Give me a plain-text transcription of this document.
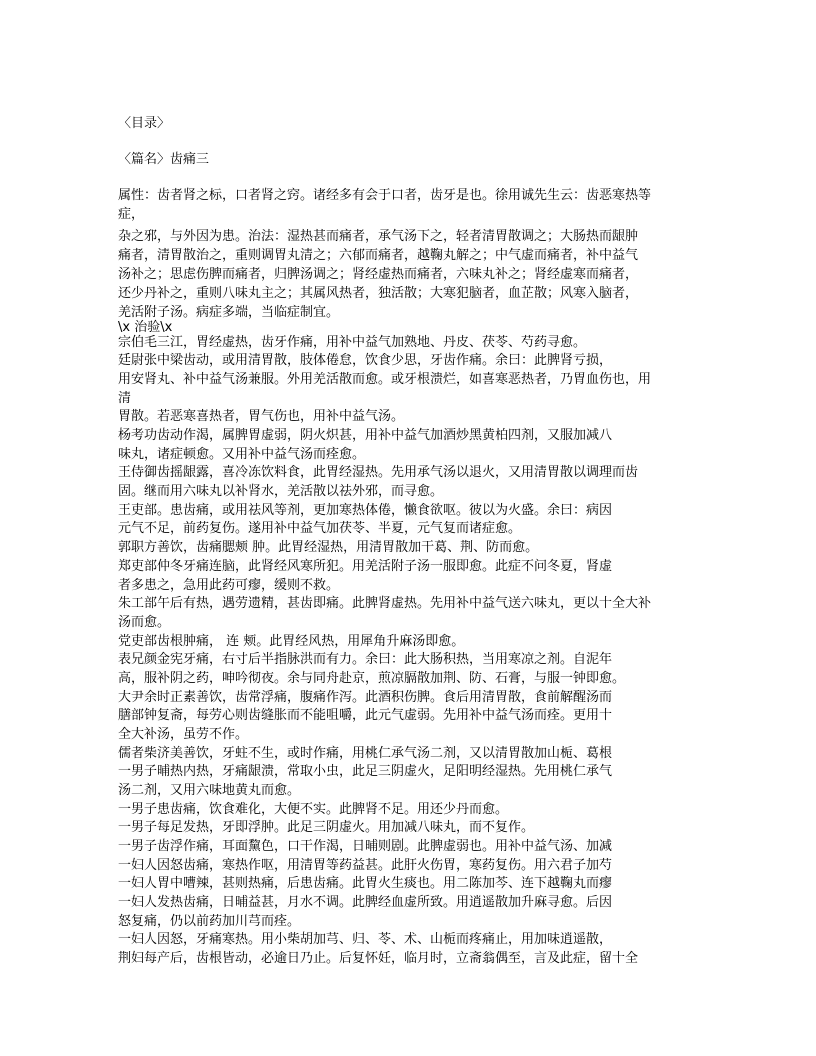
〈目录〉
〈篇名〉齿痛三
属性：齿者肾之标，口者肾之窍。诸经多有会于口者，齿牙是也。徐用诚先生云：齿恶寒热等
症，
杂之邪，与外因为患。治法：湿热甚而痛者，承气汤下之，轻者清胃散调之；大肠热而龈肿
痛者，清胃散治之，重则调胃丸清之；六郁而痛者，越鞠丸解之；中气虚而痛者，补中益气
汤补之；思虑伤脾而痛者，归脾汤调之；肾经虚热而痛者，六味丸补之；肾经虚寒而痛者，
还少丹补之，重则八味丸主之；其属风热者，独活散；大寒犯脑者，血芷散；风寒入脑者，
羌活附子汤。病症多端，当临症制宜。
\x 治验\x
宗伯毛三江，胃经虚热，齿牙作痛，用补中益气加熟地、丹皮、茯苓、芍药寻愈。
廷尉张中梁齿动，或用清胃散，肢体倦怠，饮食少思，牙齿作痛。余曰：此脾肾亏损，
用安肾丸、补中益气汤兼服。外用羌活散而愈。或牙根溃烂，如喜寒恶热者，乃胃血伤也，用
清
胃散。若恶寒喜热者，胃气伤也，用补中益气汤。
杨考功齿动作渴，属脾胃虚弱，阴火炽甚，用补中益气加酒炒黑黄柏四剂，又服加减八
味丸，诸症顿愈。又用补中益气汤而痊愈。
王侍御齿摇龈露，喜冷冻饮料食，此胃经湿热。先用承气汤以退火，又用清胃散以调理而齿
固。继而用六味丸以补肾水，羌活散以祛外邪，而寻愈。
王吏部。患齿痛，或用祛风等剂，更加寒热体倦，懒食欲呕。彼以为火盛。余曰：病因
元气不足，前药复伤。遂用补中益气加茯苓、半夏，元气复而诸症愈。
郭职方善饮，齿痛腮颊 肿。此胃经湿热，用清胃散加干葛、荆、防而愈。
郑吏部仲冬牙痛连脑，此肾经风寒所犯。用羌活附子汤一服即愈。此症不问冬夏，肾虚
者多患之，急用此药可瘳，缓则不救。
朱工部午后有热，遇劳遗精，甚齿即痛。此脾肾虚热。先用补中益气送六味丸，更以十全大补
汤而愈。
党吏部齿根肿痛， 连 颊。此胃经风热，用犀角升麻汤即愈。
表兄颜金宪牙痛，右寸后半指脉洪而有力。余曰：此大肠积热，当用寒凉之剂。自泥年
高，服补阴之药，呻吟彻夜。余与同舟赴京，煎凉膈散加荆、防、石膏，与服一钟即愈。
大尹余时正素善饮，齿常浮痛，腹痛作泻。此酒积伤脾。食后用清胃散，食前解醒汤而
膳部钟复斋，每劳心则齿缝胀而不能咀嚼，此元气虚弱。先用补中益气汤而痊。更用十
全大补汤，虽劳不作。
儒者柴济美善饮，牙蛀不生，或时作痛，用桃仁承气汤二剂，又以清胃散加山栀、葛根
一男子晡热内热，牙痛龈溃，常取小虫，此足三阴虚火，足阳明经湿热。先用桃仁承气
汤二剂，又用六味地黄丸而愈。
一男子患齿痛，饮食难化，大便不实。此脾肾不足。用还少丹而愈。
一男子每足发热，牙即浮肿。此足三阴虚火。用加减八味丸，而不复作。
一男子齿浮作痛，耳面黧色，口干作渴，日晡则剧。此脾虚弱也。用补中益气汤、加减
一妇人因怒齿痛，寒热作呕，用清胃等药益甚。此肝火伤胃，寒药复伤。用六君子加芍
一妇人胃中嘈辣，甚则热痛，后患齿痛。此胃火生痰也。用二陈加芩、连下越鞠丸而瘳
一妇人发热齿痛，日晡益甚，月水不调。此脾经血虚所致。用逍遥散加升麻寻愈。后因
怒复痛，仍以前药加川芎而痊。
一妇人因怒，牙痛寒热。用小柴胡加芎、归、苓、术、山栀而疼痛止，用加味逍遥散，
荆妇每产后，齿根皆动，必逾日乃止。后复怀妊，临月时，立斋翁偶至，言及此症，留十全
